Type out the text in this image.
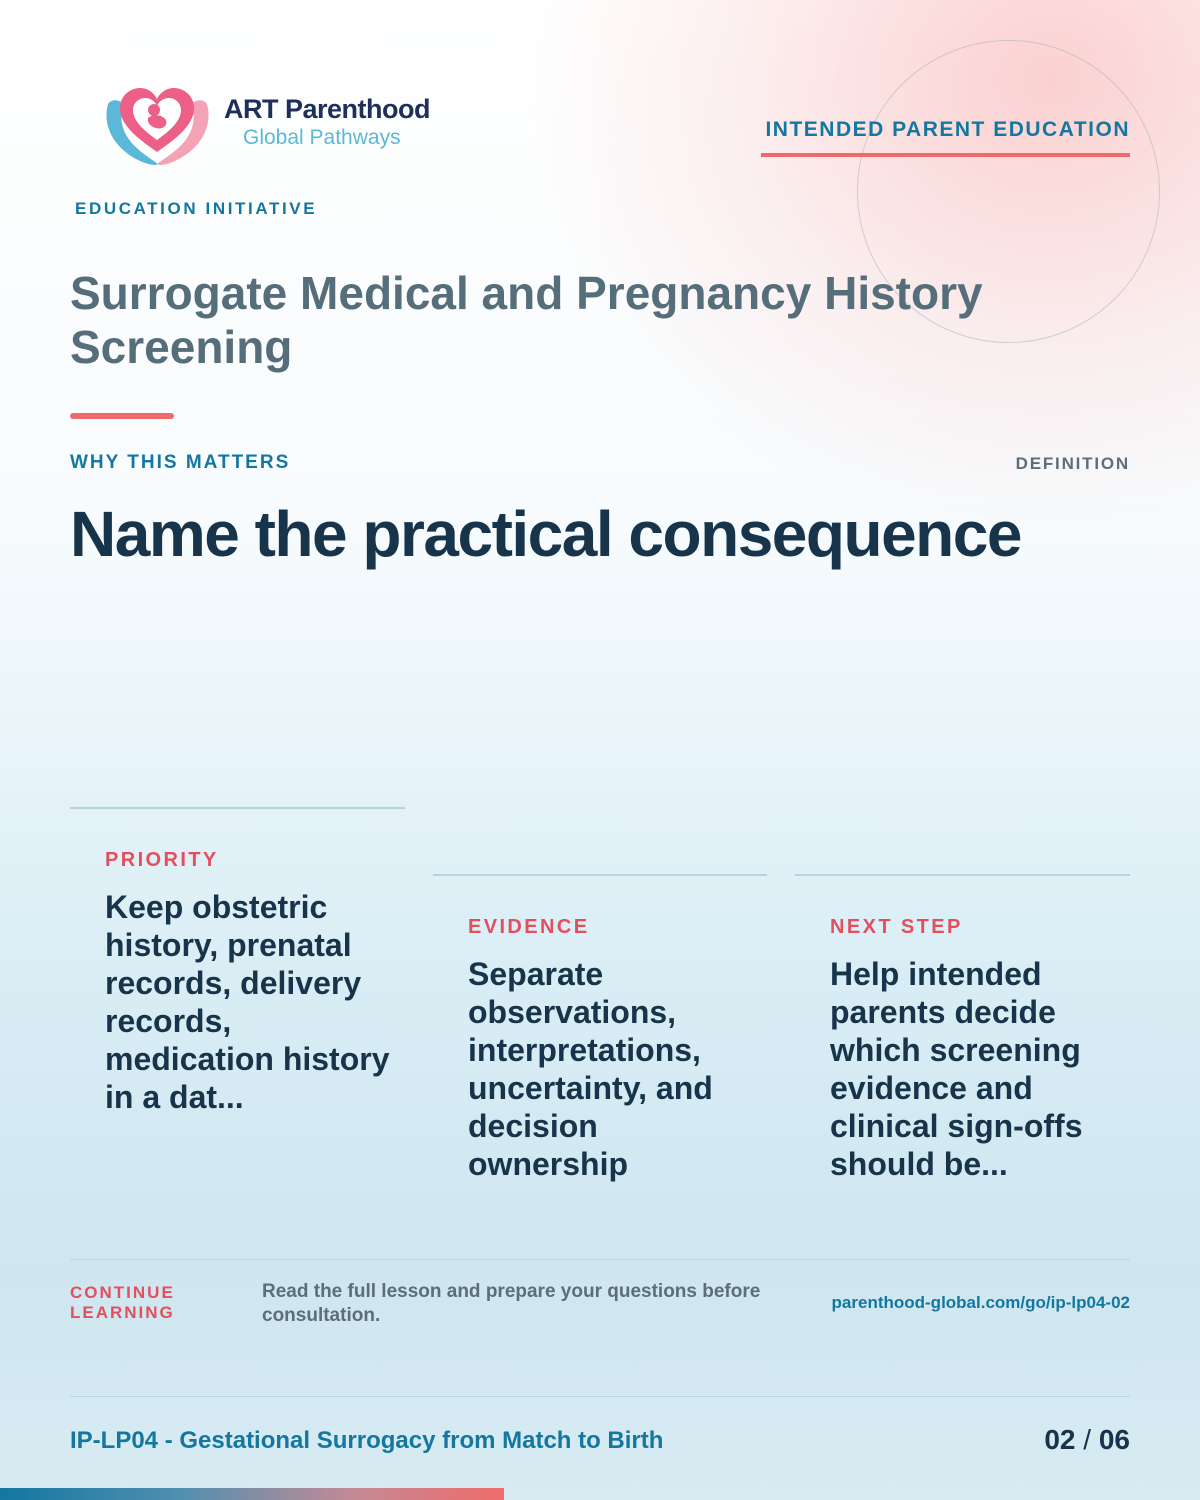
ART Parenthood
Global Pathways
EDUCATION INITIATIVE
INTENDED PARENT EDUCATION
Surrogate Medical and Pregnancy History Screening
WHY THIS MATTERS	DEFINITION
Name the practical consequence
PRIORITY
Keep obstetric history, prenatal records, delivery records, medication history in a dat...
EVIDENCE
Separate observations, interpretations, uncertainty, and decision ownership
NEXT STEP
Help intended parents decide which screening evidence and clinical sign-offs should be...
CONTINUE LEARNING
Read the full lesson and prepare your questions before consultation.
parenthood-global.com/go/ip-lp04-02
IP-LP04 - Gestational Surrogacy from Match to Birth	02 / 06
